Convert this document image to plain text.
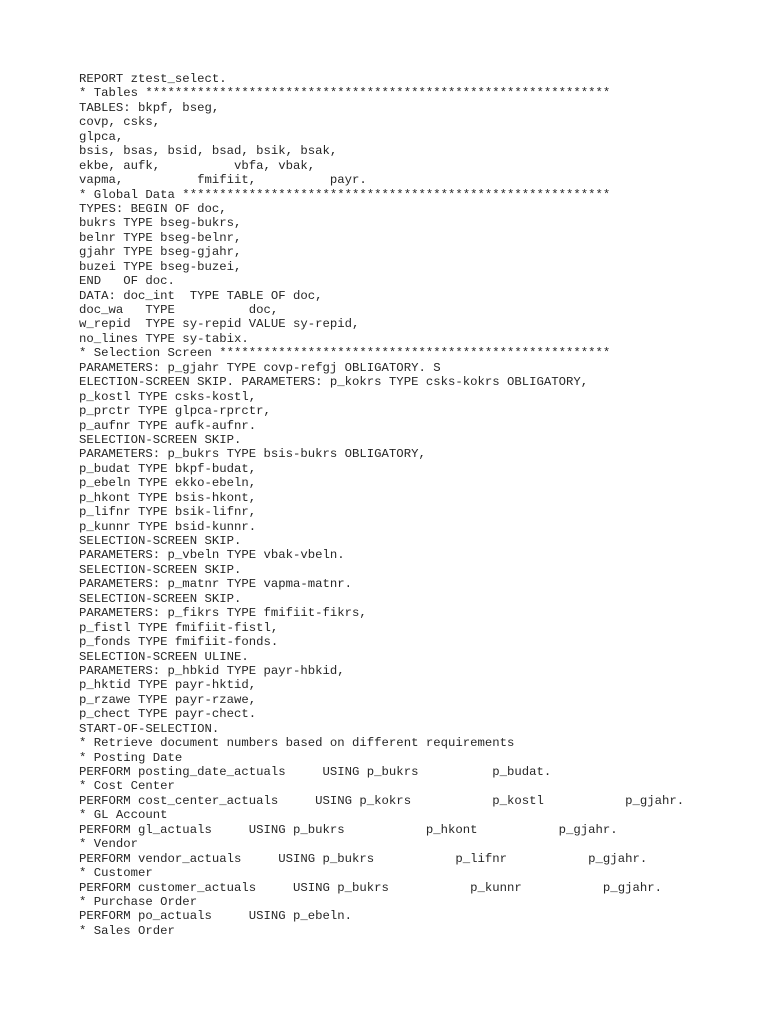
REPORT ztest_select.
* Tables ***************************************************************
TABLES: bkpf, bseg,
covp, csks,
glpca,
bsis, bsas, bsid, bsad, bsik, bsak,
ekbe, aufk,          vbfa, vbak,
vapma,          fmifiit,          payr.
* Global Data **********************************************************
TYPES: BEGIN OF doc,
bukrs TYPE bseg-bukrs,
belnr TYPE bseg-belnr,
gjahr TYPE bseg-gjahr,
buzei TYPE bseg-buzei,
END   OF doc.
DATA: doc_int  TYPE TABLE OF doc,
doc_wa   TYPE          doc,
w_repid  TYPE sy-repid VALUE sy-repid,
no_lines TYPE sy-tabix.
* Selection Screen *****************************************************
PARAMETERS: p_gjahr TYPE covp-refgj OBLIGATORY. S
ELECTION-SCREEN SKIP. PARAMETERS: p_kokrs TYPE csks-kokrs OBLIGATORY,
p_kostl TYPE csks-kostl,
p_prctr TYPE glpca-rprctr,
p_aufnr TYPE aufk-aufnr.
SELECTION-SCREEN SKIP.
PARAMETERS: p_bukrs TYPE bsis-bukrs OBLIGATORY,
p_budat TYPE bkpf-budat,
p_ebeln TYPE ekko-ebeln,
p_hkont TYPE bsis-hkont,
p_lifnr TYPE bsik-lifnr,
p_kunnr TYPE bsid-kunnr.
SELECTION-SCREEN SKIP.
PARAMETERS: p_vbeln TYPE vbak-vbeln.
SELECTION-SCREEN SKIP.
PARAMETERS: p_matnr TYPE vapma-matnr.
SELECTION-SCREEN SKIP.
PARAMETERS: p_fikrs TYPE fmifiit-fikrs,
p_fistl TYPE fmifiit-fistl,
p_fonds TYPE fmifiit-fonds.
SELECTION-SCREEN ULINE.
PARAMETERS: p_hbkid TYPE payr-hbkid,
p_hktid TYPE payr-hktid,
p_rzawe TYPE payr-rzawe,
p_chect TYPE payr-chect.
START-OF-SELECTION.
* Retrieve document numbers based on different requirements
* Posting Date
PERFORM posting_date_actuals     USING p_bukrs          p_budat.
* Cost Center
PERFORM cost_center_actuals     USING p_kokrs           p_kostl           p_gjahr.
* GL Account
PERFORM gl_actuals     USING p_bukrs           p_hkont           p_gjahr.
* Vendor
PERFORM vendor_actuals     USING p_bukrs           p_lifnr           p_gjahr.
* Customer
PERFORM customer_actuals     USING p_bukrs           p_kunnr           p_gjahr.
* Purchase Order
PERFORM po_actuals     USING p_ebeln.
* Sales Order
